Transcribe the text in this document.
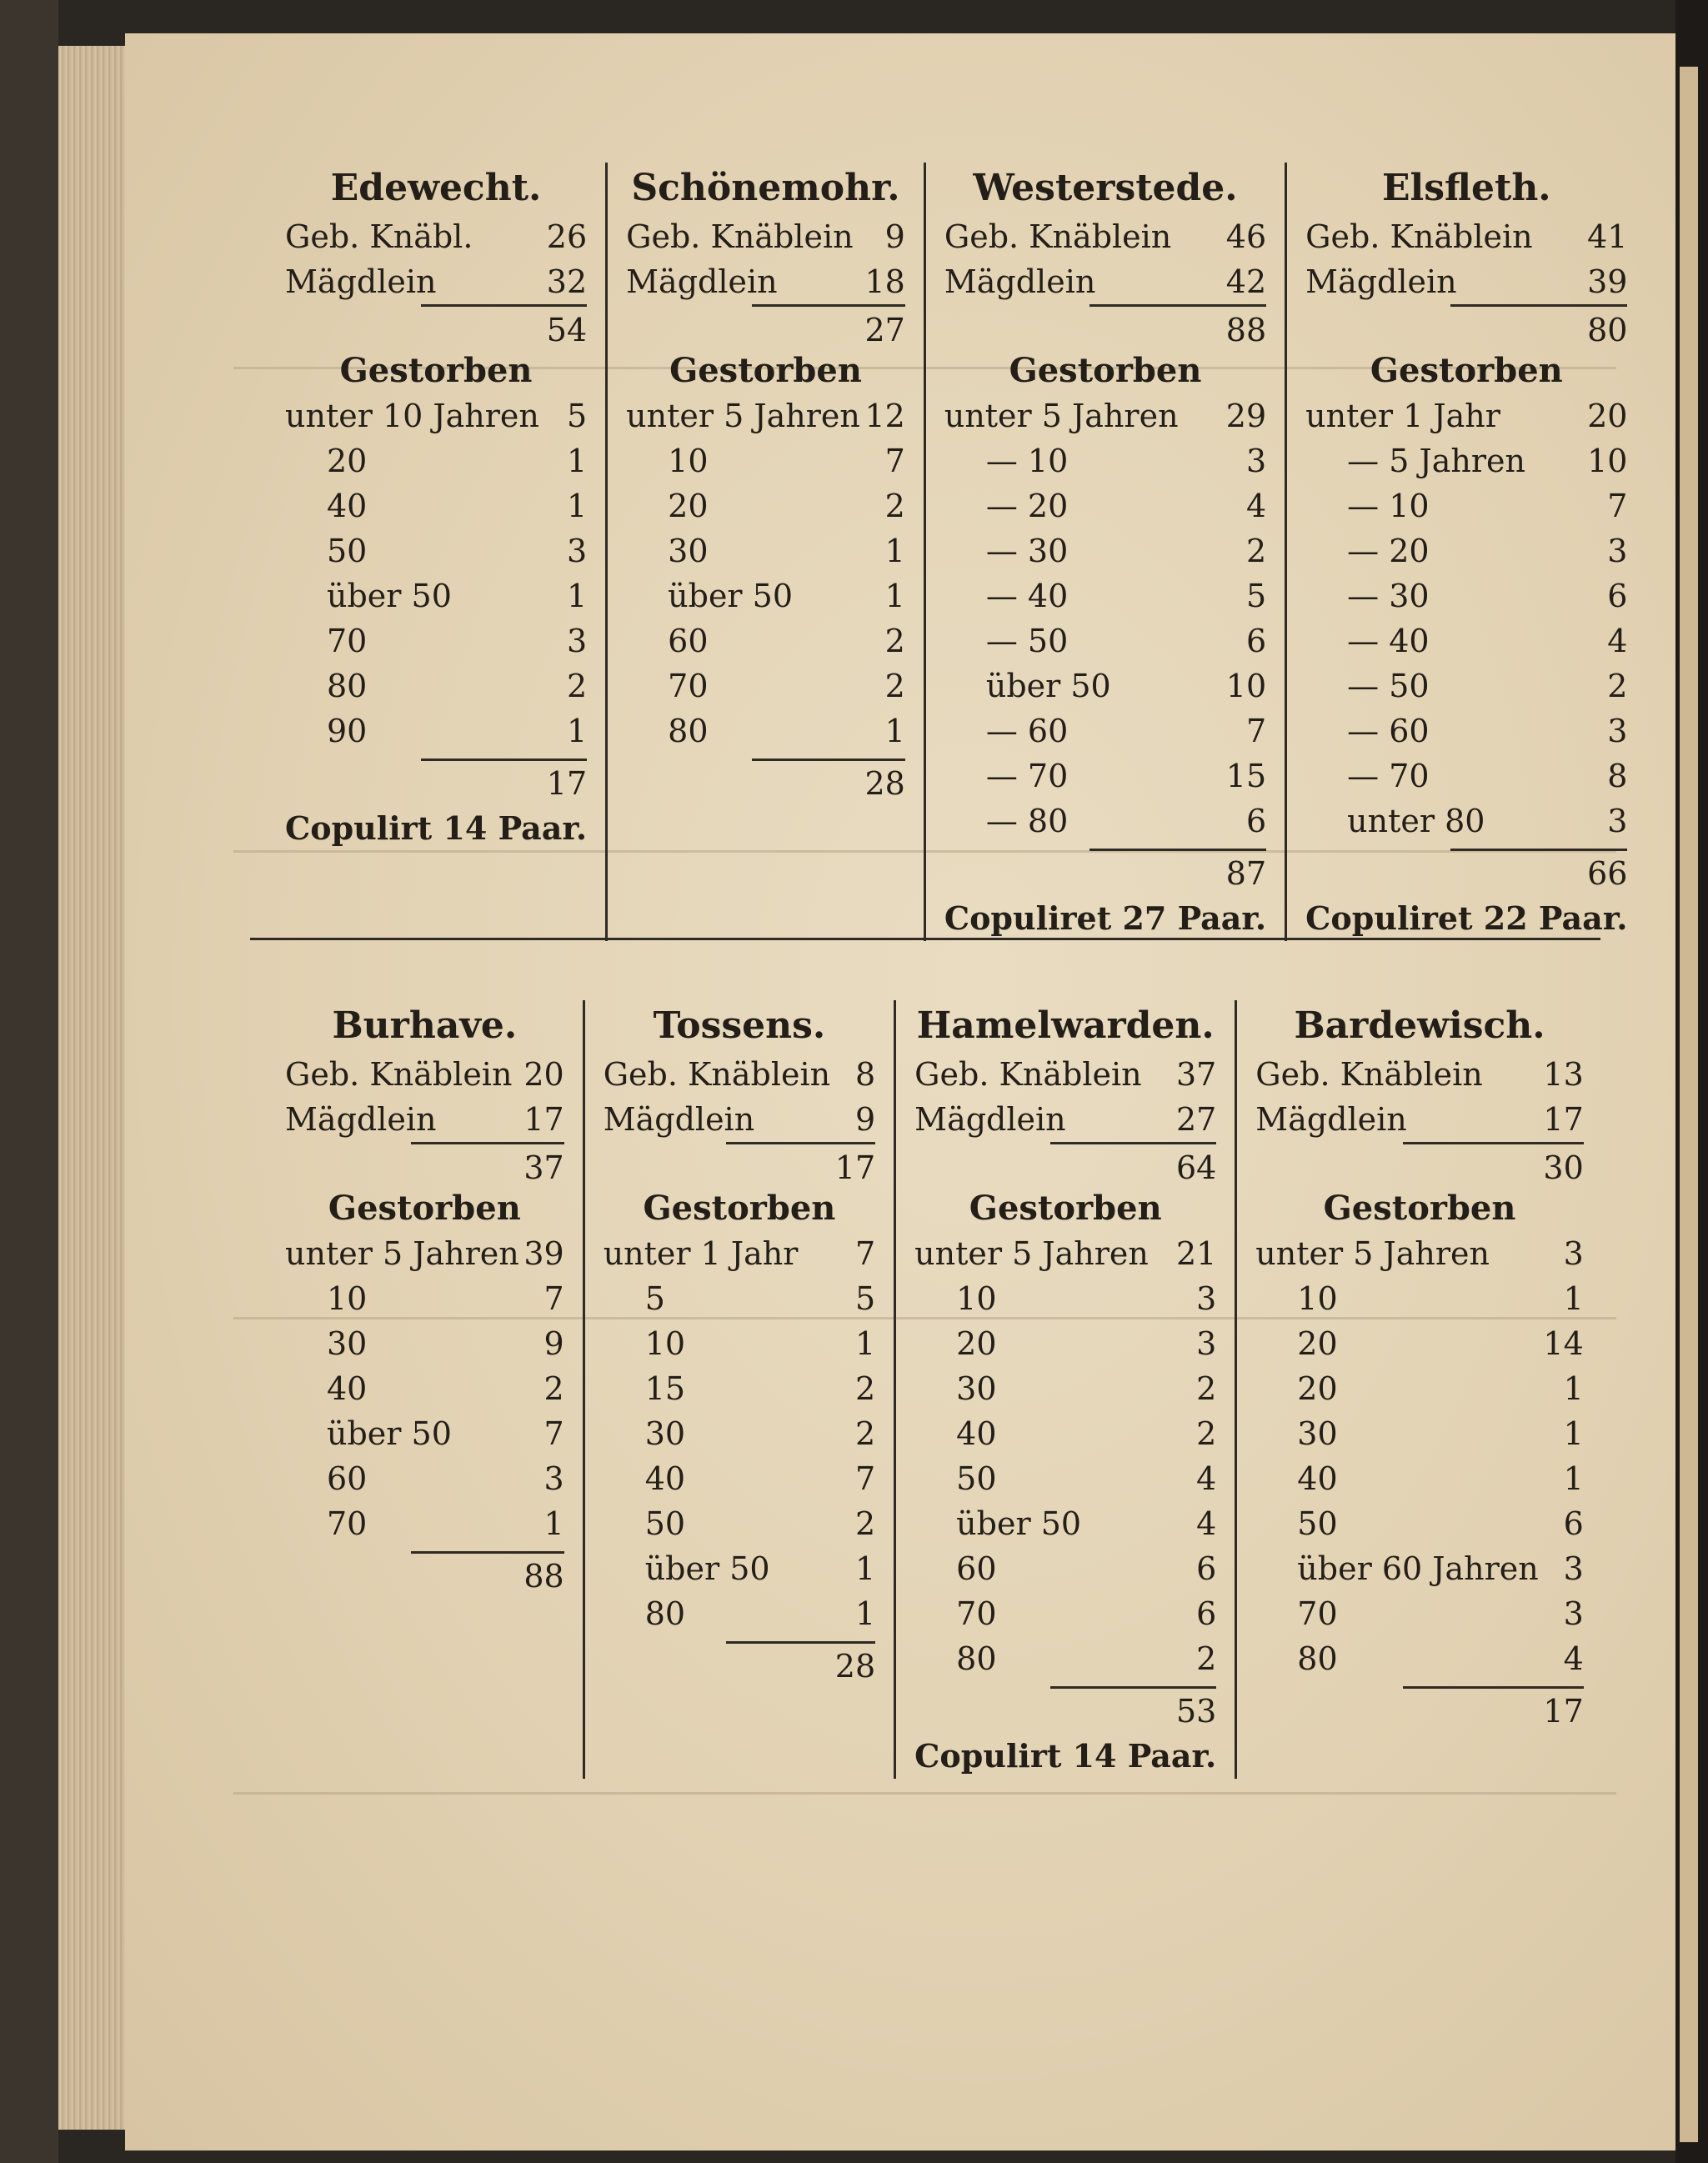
Edewecht.
Geb. Knäbl. 26
Mägdlein	32
54
Gestorben
unter 10 Jahren 5
20	1
40	1
50	3
über 50	1
70	3
80	2
90	1
17
Copulirt 14 Paar.
Schönemohr.
Geb. Knäblein	9
Mägdlein	18
27
Gestorben
unter 5 Jahren 12
10	7
20	2
30	1
über 50	1
60	2
70	2
80	1
28
Westerstede.
Geb. Knäblein 46
Mägdlein	42
88
Gestorben
unter 5 Jahren 29
— 10	3
— 20	4
— 30	2
— 40	5
— 50	6
über 50	10
— 60	7
— 70	15
— 80	6
87
Copuliret 27 Paar.
Elsfleth.
Geb. Knäblein 41
Mägdlein	39
80
Gestorben
unter 1 Jahr	20
— 5 Jahren 10
— 10	7
— 20	3
— 30	6
— 40	4
— 50	2
— 60	3
— 70	8
unter 80	3
66
Copuliret 22 Paar.
Burhave.
Geb. Knäblein 20
Mägdlein	17
37
Gestorben
unter 5 Jahren 39
10	7
30	9
40	2
über 50	7
60	3
70	1
88
Tossens.
Geb. Knäblein 8
Mägdlein	9
17
Gestorben
unter 1 Jahr	7
5	5
10	1
15	2
30	2
40	7
50	2
über 50	1
80	1
28
Hamelwarden.
Geb. Knäblein 37
Mägdlein	27
64
Gestorben
unter 5 Jahren 21
10	3
20	3
30	2
40	2
50	4
über 50	4
60	6
70	6
80	2
53
Copulirt 14 Paar.
Bardewisch.
Geb. Knäblein 13
Mägdlein	17
30
Gestorben
unter 5 Jahren	3
10	1
20	14
20	1
30	1
40	1
50	6
über 60 Jahren 3
70	3
80	4
17
